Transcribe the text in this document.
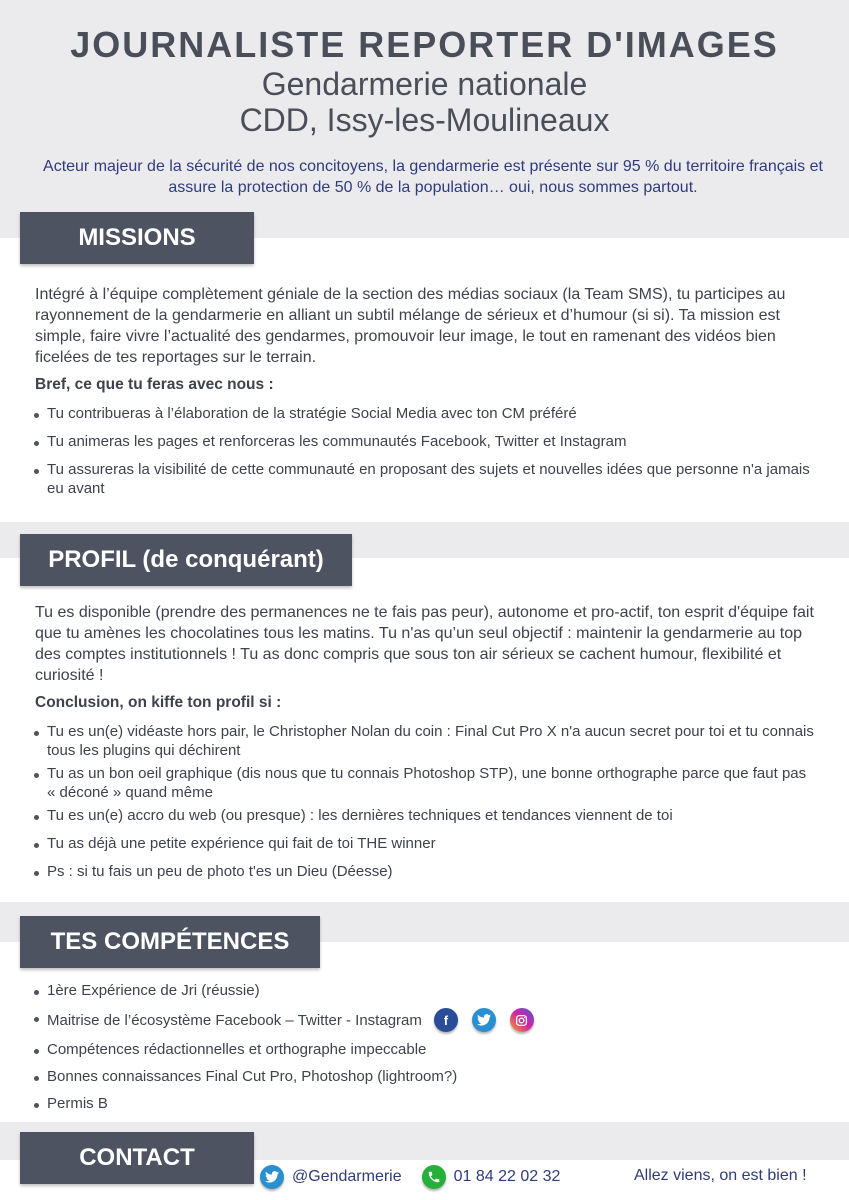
JOURNALISTE REPORTER D'IMAGES
Gendarmerie nationale
CDD, Issy-les-Moulineaux
Acteur majeur de la sécurité de nos concitoyens, la gendarmerie est présente sur 95 % du territoire français et assure la protection de 50 % de la population… oui, nous sommes partout.
MISSIONS
Intégré à l’équipe complètement géniale de la section des médias sociaux (la Team SMS), tu participes au rayonnement de la gendarmerie en alliant un subtil mélange de sérieux et d’humour (si si). Ta mission est simple, faire vivre l’actualité des gendarmes, promouvoir leur image, le tout en ramenant des vidéos bien ficelées de tes reportages sur le terrain.
Bref, ce que tu feras avec nous :
Tu contribueras à l’élaboration de la stratégie Social Media avec ton CM préféré
Tu animeras les pages et renforceras les communautés Facebook, Twitter et Instagram
Tu assureras la visibilité de cette communauté en proposant des sujets et nouvelles idées que personne n'a jamais eu avant
PROFIL (de conquérant)
Tu es disponible (prendre des permanences ne te fais pas peur), autonome et pro-actif, ton esprit d'équipe fait que tu amènes les chocolatines tous les matins. Tu n'as qu’un seul objectif : maintenir la gendarmerie au top des comptes institutionnels ! Tu as donc compris que sous ton air sérieux se cachent humour, flexibilité et curiosité !
Conclusion, on kiffe ton profil si :
Tu es un(e) vidéaste hors pair, le Christopher Nolan du coin : Final Cut Pro X n'a aucun secret pour toi et tu connais tous les plugins qui déchirent
Tu as un bon oeil graphique (dis nous que tu connais Photoshop STP), une bonne orthographe parce que faut pas « déconé » quand même
Tu es un(e) accro du web (ou presque) : les dernières techniques et tendances viennent de toi
Tu as déjà une petite expérience qui fait de toi THE winner
Ps : si tu fais un peu de photo t'es un Dieu (Déesse)
TES COMPÉTENCES
1ère Expérience de Jri (réussie)
Maitrise de l’écosystème Facebook – Twitter - Instagram	f
Compétences rédactionnelles et orthographe impeccable
Bonnes connaissances Final Cut Pro, Photoshop (lightroom?)
Permis B
CONTACT
@Gendarmerie	01 84 22 02 32	Allez viens, on est bien !
